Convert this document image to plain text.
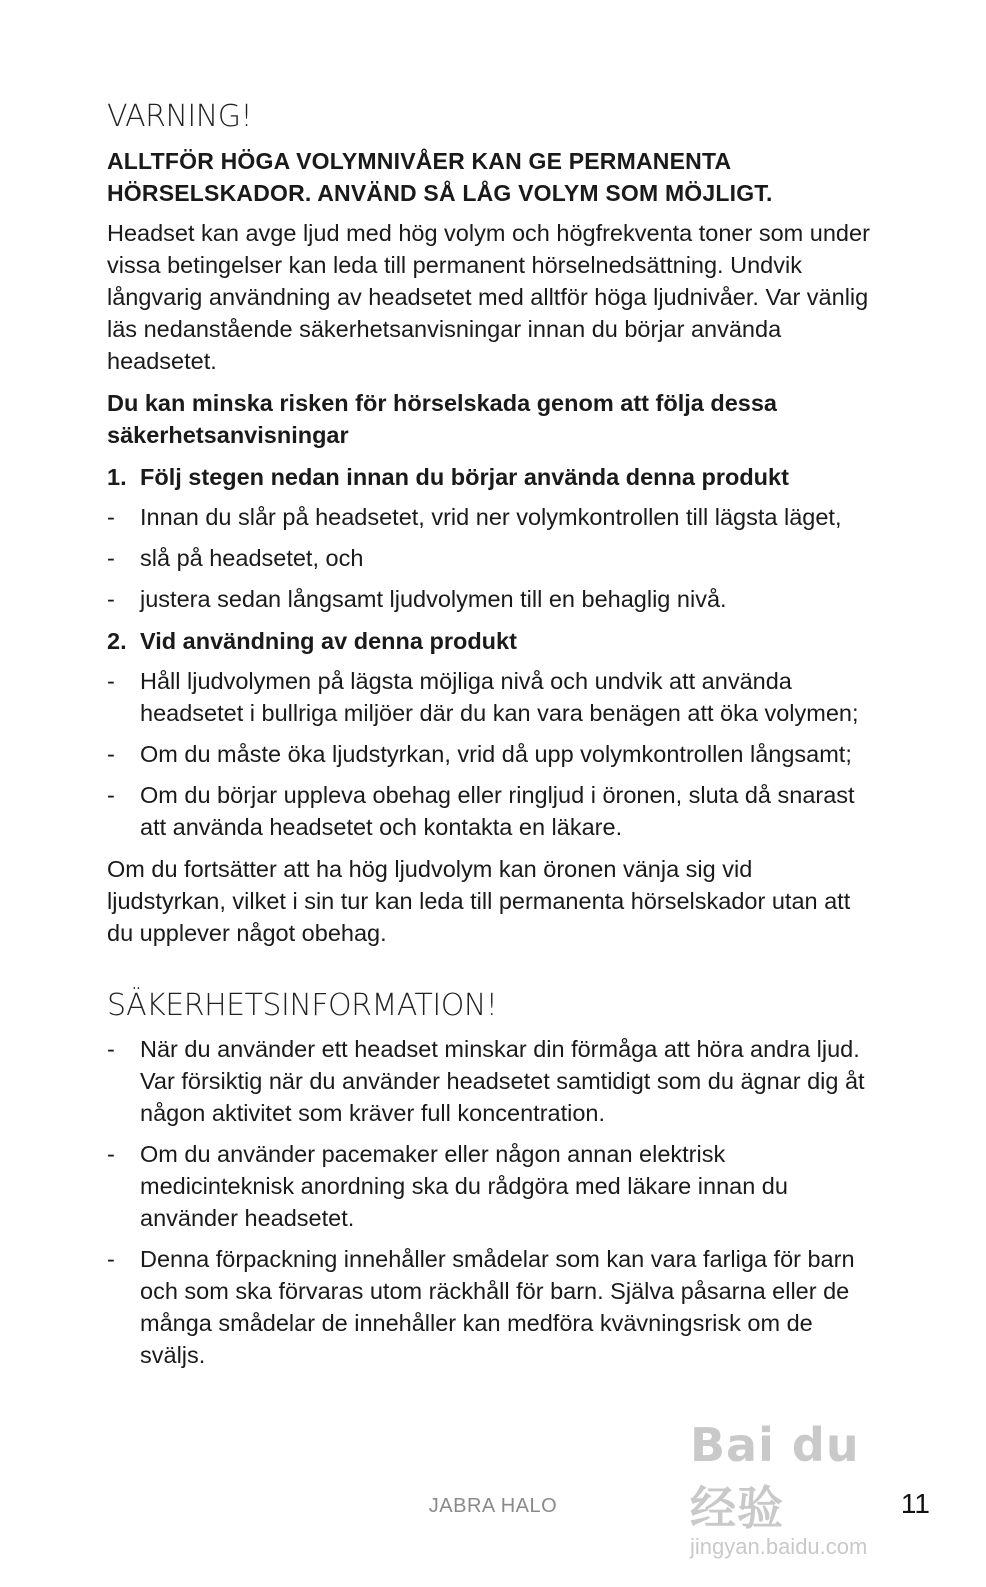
VARNING!

ALLTFÖR HÖGA VOLYMNIVÅER KAN GE PERMANENTA HÖRSELSKADOR. ANVÄND SÅ LÅG VOLYM SOM MÖJLIGT.

Headset kan avge ljud med hög volym och högfrekventa toner som under vissa betingelser kan leda till permanent hörselnedsättning. Undvik långvarig användning av headsetet med alltför höga ljudnivåer. Var vänlig läs nedanstående säkerhetsanvisningar innan du börjar använda headsetet.

Du kan minska risken för hörselskada genom att följa dessa säkerhetsanvisningar

1. Följ stegen nedan innan du börjar använda denna produkt
-	Innan du slår på headsetet, vrid ner volymkontrollen till lägsta läget,
-	slå på headsetet, och
-	justera sedan långsamt ljudvolymen till en behaglig nivå.
2. Vid användning av denna produkt
-	Håll ljudvolymen på lägsta möjliga nivå och undvik att använda headsetet i bullriga miljöer där du kan vara benägen att öka volymen;
-	Om du måste öka ljudstyrkan, vrid då upp volymkontrollen långsamt;
-	Om du börjar uppleva obehag eller ringljud i öronen, sluta då snarast att använda headsetet och kontakta en läkare.

Om du fortsätter att ha hög ljudvolym kan öronen vänja sig vid ljudstyrkan, vilket i sin tur kan leda till permanenta hörselskador utan att du upplever något obehag.

SÄKERHETSINFORMATION!
-	När du använder ett headset minskar din förmåga att höra andra ljud. Var försiktig när du använder headsetet samtidigt som du ägnar dig åt någon aktivitet som kräver full koncentration.
-	Om du använder pacemaker eller någon annan elektrisk medicinteknisk anordning ska du rådgöra med läkare innan du använder headsetet.
-	Denna förpackning innehåller smådelar som kan vara farliga för barn och som ska förvaras utom räckhåll för barn. Själva påsarna eller de många smådelar de innehåller kan medföra kvävningsrisk om de sväljs.
Bai du 经验
jingyan.baidu.com
JABRA HALO	11
